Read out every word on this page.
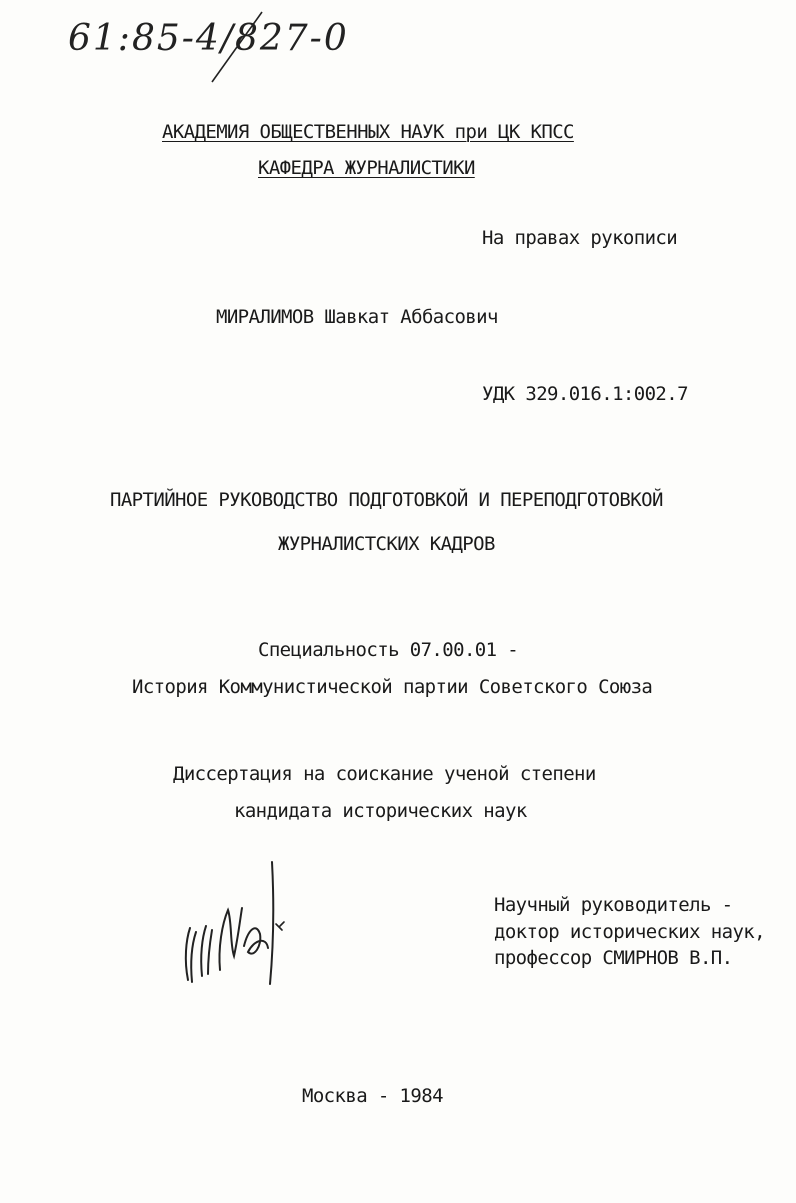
61:85-4/827-0
АКАДЕМИЯ ОБЩЕСТВЕННЫХ НАУК при ЦК КПСС
КАФЕДРА ЖУРНАЛИСТИКИ
На правах рукописи
МИРАЛИМОВ Шавкат Аббасович
УДК 329.016.1:002.7
ПАРТИЙНОЕ РУКОВОДСТВО ПОДГОТОВКОЙ И ПЕРЕПОДГОТОВКОЙ
ЖУРНАЛИСТСКИХ КАДРОВ
Специальность 07.00.01 -
История Коммунистической партии Советского Союза
Диссертация на соискание ученой степени
кандидата исторических наук
Научный руководитель -
доктор исторических наук,
профессор СМИРНОВ В.П.
Москва - 1984
